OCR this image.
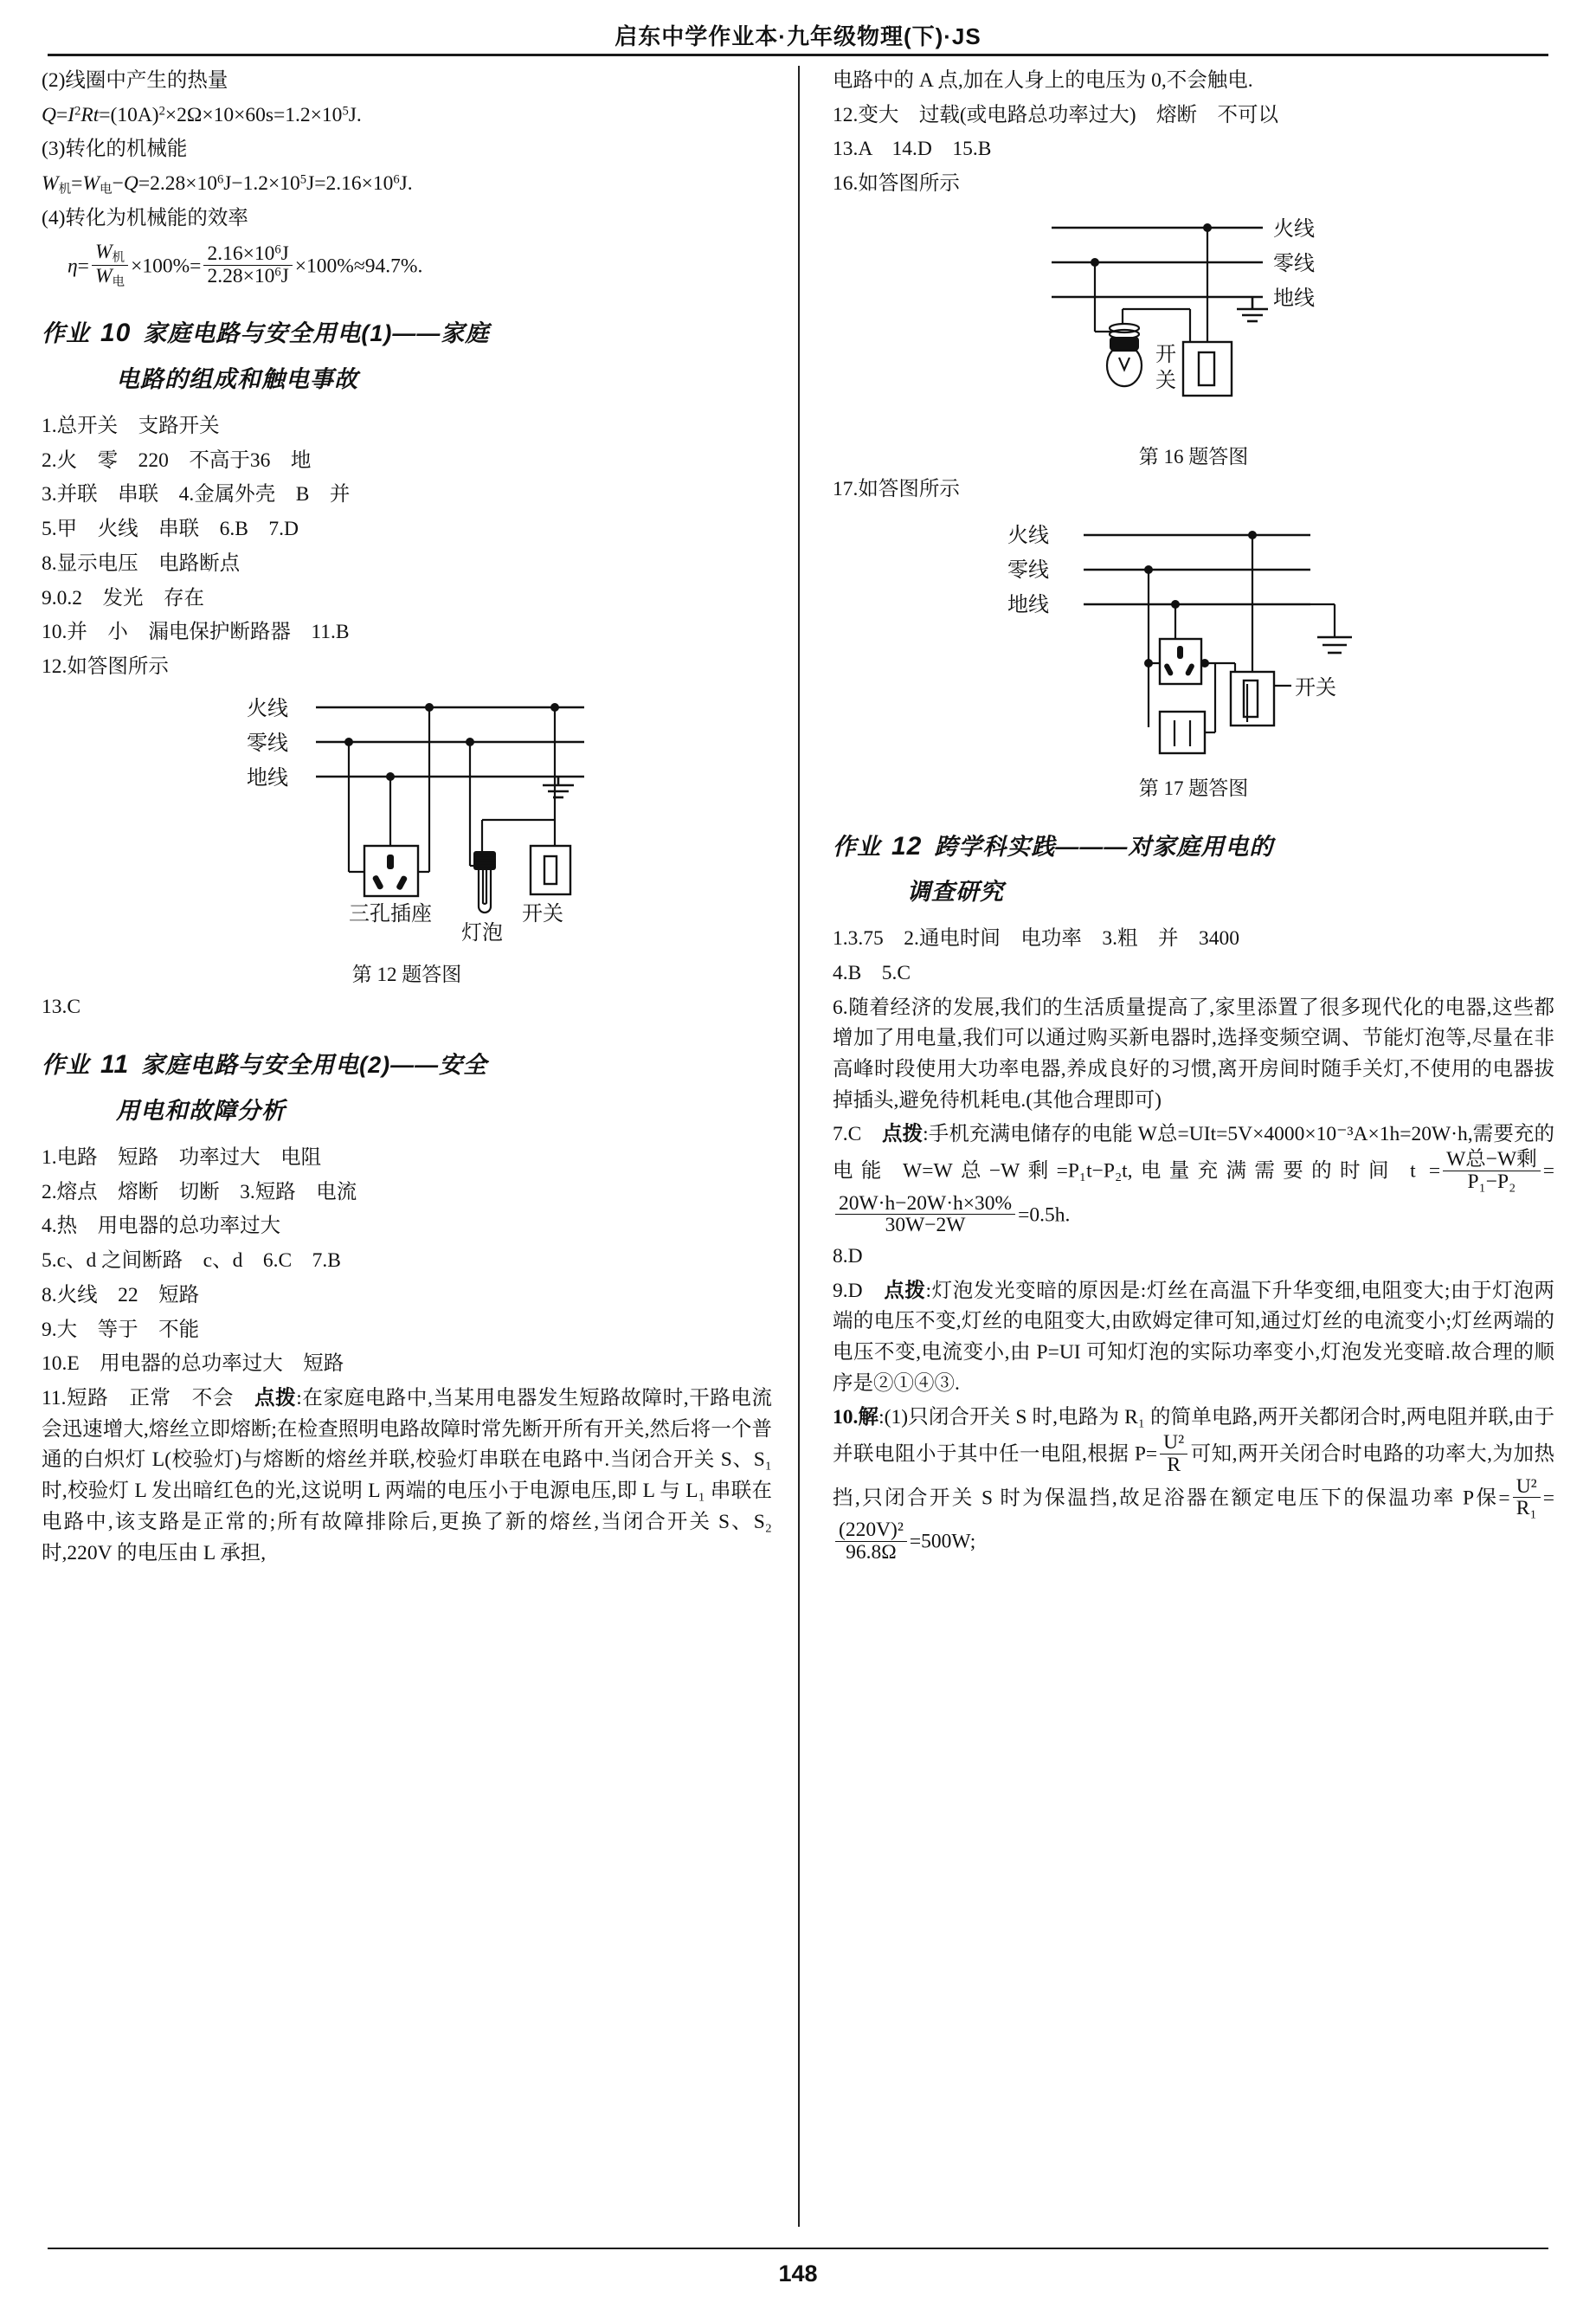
启东中学作业本·九年级物理(下)·JS
(2)线圈中产生的热量
$Q=I^2Rt=(10A)^2\times 2\Omega\times 10\times 60s=1.2\times 10^5J$.
(3)转化的机械能
$W_机=W_电-Q=2.28\times 10^6J-1.2\times 10^5J=2.16\times 10^6J$.
(4)转化为机械能的效率
$\eta= \frac{W_机}{W_电} \times 100\%= \frac{2.16\times 10^6J}{2.28\times 10^6J} \times 100\%\approx 94.7\%$.
作业 10 家庭电路与安全用电(1)——家庭
电路的组成和触电事故
1.总开关　支路开关
2.火　零　220　不高于36　地
3.并联　串联　4.金属外壳　B　并
5.甲　火线　串联　6.B　7.D
8.显示电压　电路断点
9.0.2　发光　存在
10.并　小　漏电保护断路器　11.B
12.如答图所示
火线
零线
地线
三孔插座
灯泡
开关
第 12 题答图
13.C
作业 11 家庭电路与安全用电(2)——安全
用电和故障分析
1.电路　短路　功率过大　电阻
2.熔点　熔断　切断　3.短路　电流
4.热　用电器的总功率过大
5.c、d 之间断路　c、d　6.C　7.B
8.火线　22　短路
9.大　等于　不能
10.E　用电器的总功率过大　短路
11.短路　正常　不会　点拨:在家庭电路中,当某用电器发生短路故障时,干路电流会迅速增大,熔丝立即熔断;在检查照明电路故障时常先断开所有开关,然后将一个普通的白炽灯 L(校验灯)与熔断的熔丝并联,校验灯串联在电路中.当闭合开关 S、S₁ 时,校验灯 L 发出暗红色的光,这说明 L 两端的电压小于电源电压,即 L 与 L₁ 串联在电路中,该支路是正常的;所有故障排除后,更换了新的熔丝,当闭合开关 S、S₂ 时,220V 的电压由 L 承担,
电路中的 A 点,加在人身上的电压为 0,不会触电.
12.变大　过载(或电路总功率过大)　熔断　不可以
13.A　14.D　15.B
16.如答图所示
火线
零线
地线
开
关
第 16 题答图
17.如答图所示
火线
零线
地线
开关
第 17 题答图
作业 12 跨学科实践———对家庭用电的
调查研究
1.3.75　2.通电时间　电功率　3.粗　并　3400
4.B　5.C
6.随着经济的发展,我们的生活质量提高了,家里添置了很多现代化的电器,这些都增加了用电量,我们可以通过购买新电器时,选择变频空调、节能灯泡等,尽量在非高峰时段使用大功率电器,养成良好的习惯,离开房间时随手关灯,不使用的电器拔掉插头,避免待机耗电.(其他合理即可)
7.C　点拨:手机充满电储存的电能 W总=UIt=5V×4000×10⁻³A×1h=20W·h,需要充的电能 W=W总−W剩=P₁t−P₂t,电量充满需要的时间 $t = \frac{\text{W总−W剩}}{\text{P₁−P₂}}$ =
$\frac{20W\cdot h-20W\cdot h\times 30\%}{30W-2W} =0.5h$.
8.D
9.D　点拨:灯泡发光变暗的原因是:灯丝在高温下升华变细,电阻变大;由于灯泡两端的电压不变,灯丝的电阻变大,由欧姆定律可知,通过灯丝的电流变小;灯丝两端的电压不变,电流变小,由 P=UI 可知灯泡的实际功率变小,灯泡发光变暗.故合理的顺序是②①④③.
10.解:(1)只闭合开关 S 时,电路为 R₁ 的简单电路,两开关都闭合时,两电阻并联,由于并联电阻小于其中任一电阻,根据 $P= \frac{\text{U²}}{R}$ 可知,两开关闭合时电路的功率大,为加热挡,只闭合开关 S 时为保温挡,故足浴器在额定电压下的保温功率 P保= $\frac{\text{U²}}{\text{R₁}}$ =
$\frac{\text{(220V)²}}{96.8\Omega} =500W$;
148
